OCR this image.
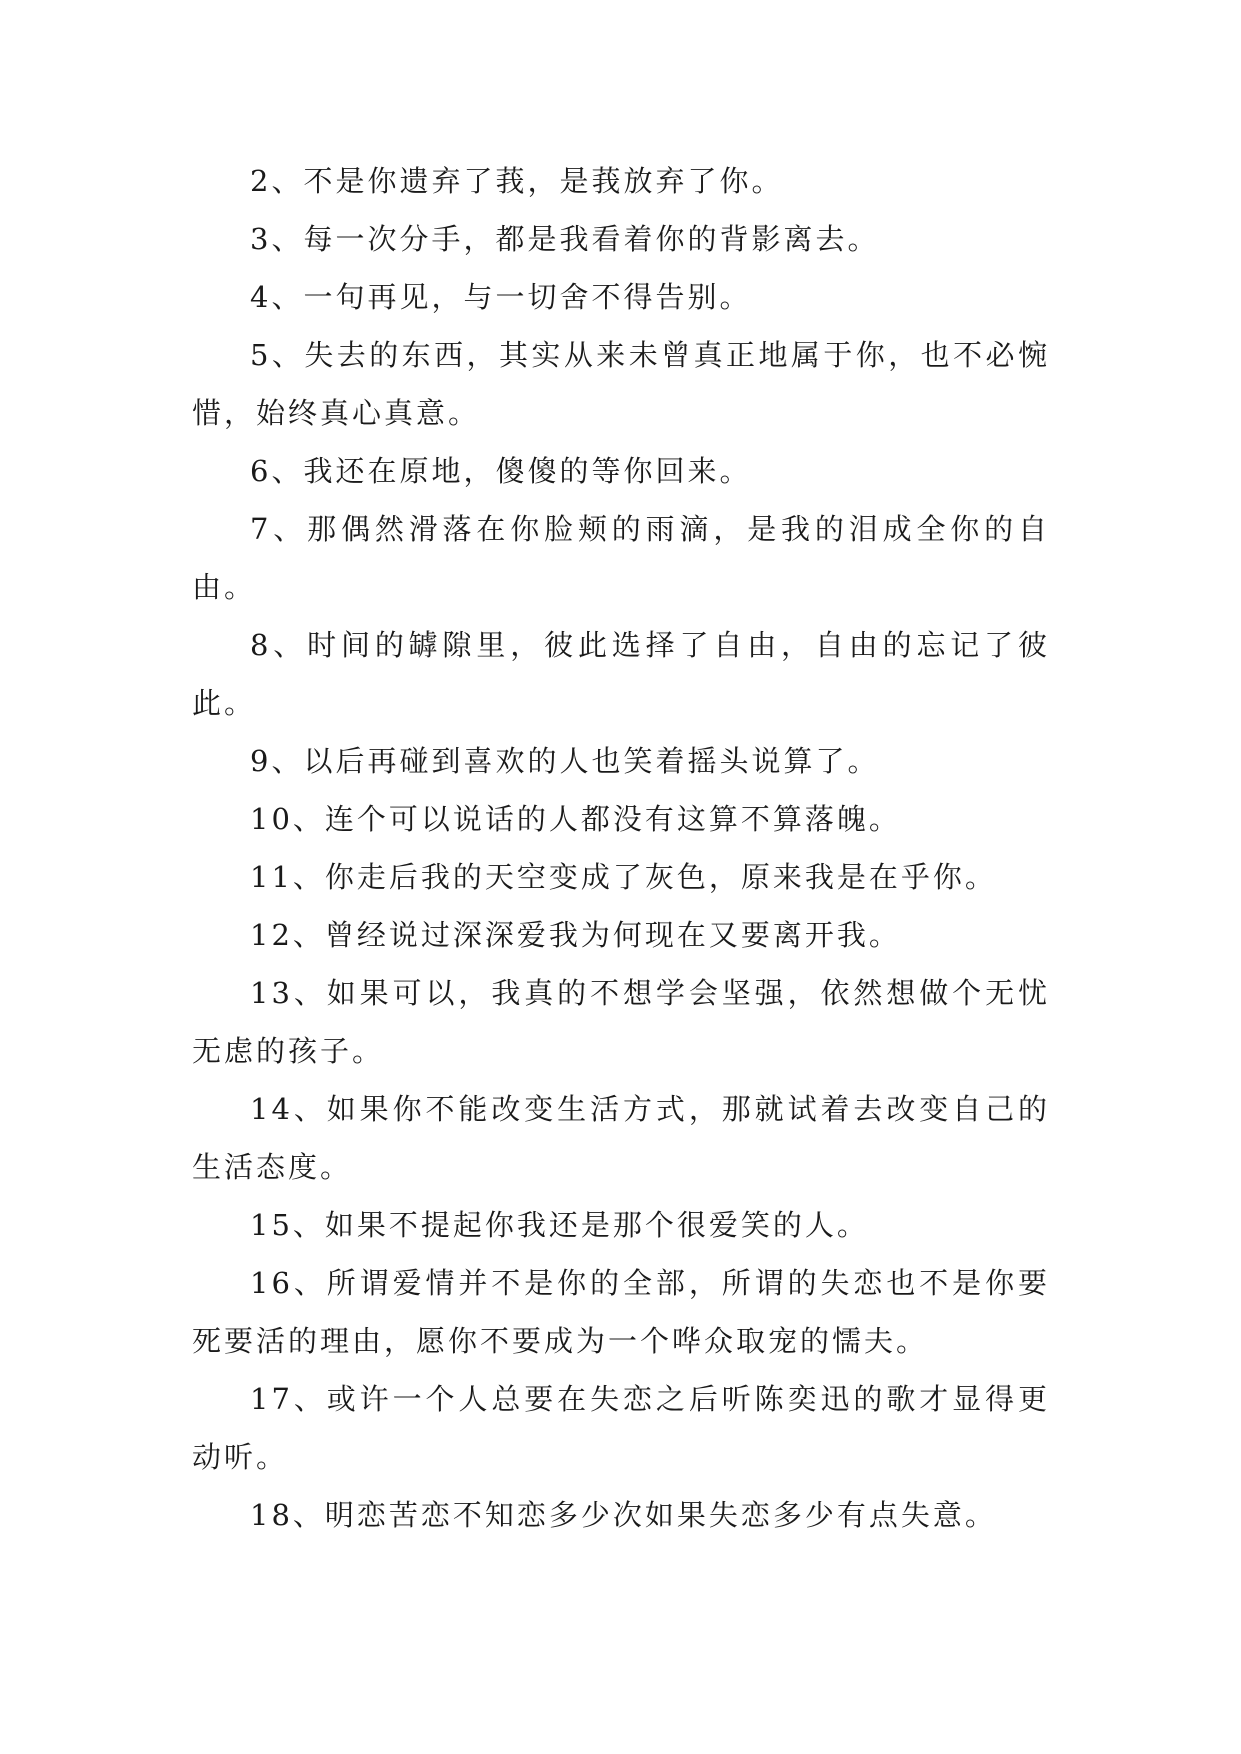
2、不是你遗弃了莪，是莪放弃了你。

3、每一次分手，都是我看着你的背影离去。

4、一句再见，与一切舍不得告别。

5、失去的东西，其实从来未曾真正地属于你，也不必惋惜，始终真心真意。

6、我还在原地，傻傻的等你回来。

7、那偶然滑落在你脸颊的雨滴，是我的泪成全你的自由。

8、时间的罅隙里，彼此选择了自由，自由的忘记了彼此。

9、以后再碰到喜欢的人也笑着摇头说算了。

10、连个可以说话的人都没有这算不算落魄。

11、你走后我的天空变成了灰色，原来我是在乎你。

12、曾经说过深深爱我为何现在又要离开我。

13、如果可以，我真的不想学会坚强，依然想做个无忧无虑的孩子。

14、如果你不能改变生活方式，那就试着去改变自己的生活态度。

15、如果不提起你我还是那个很爱笑的人。

16、所谓爱情并不是你的全部，所谓的失恋也不是你要死要活的理由，愿你不要成为一个哗众取宠的懦夫。

17、或许一个人总要在失恋之后听陈奕迅的歌才显得更动听。

18、明恋苦恋不知恋多少次如果失恋多少有点失意。
